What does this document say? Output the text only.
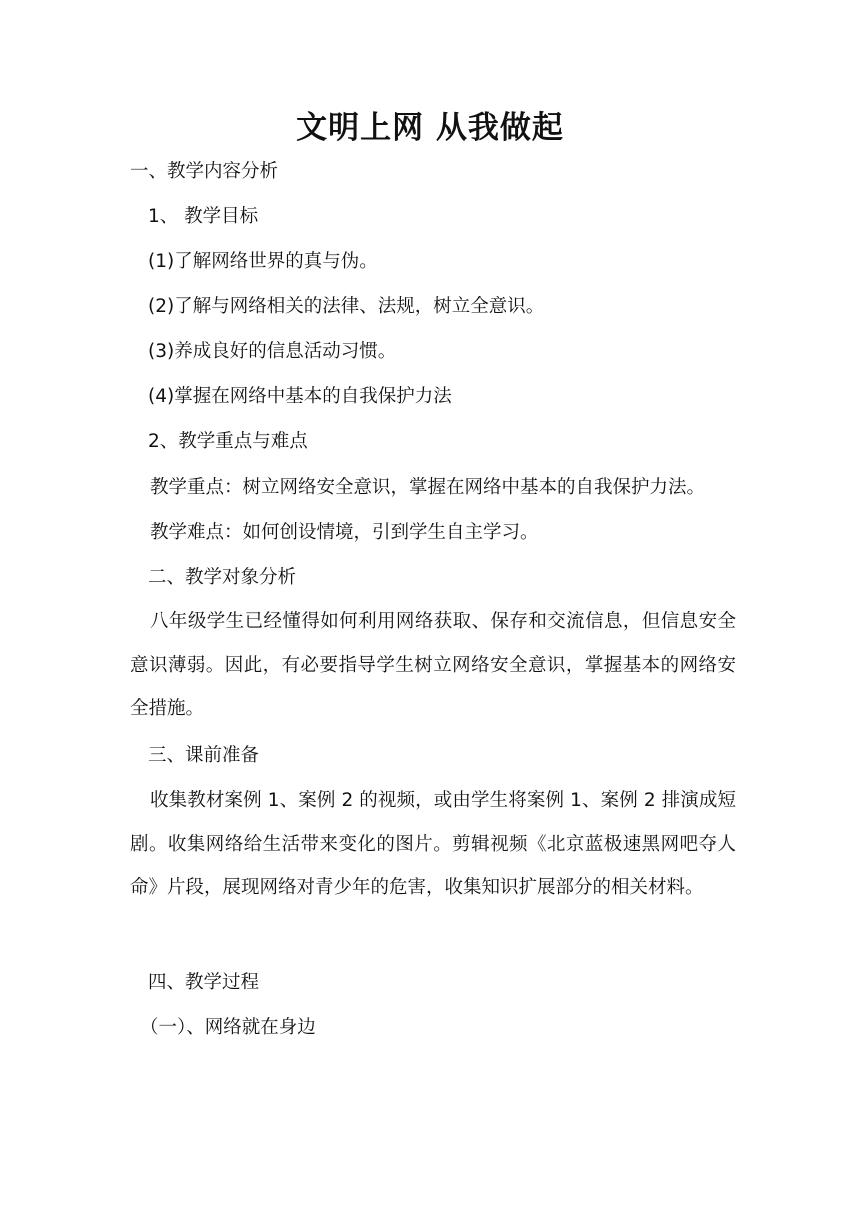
文明上网 从我做起
一、教学内容分析
1、 教学目标
(1)了解网络世界的真与伪。
(2)了解与网络相关的法律、法规，树立全意识。
(3)养成良好的信息活动习惯。
(4)掌握在网络中基本的自我保护力法
2、教学重点与难点
教学重点：树立网络安全意识，掌握在网络中基本的自我保护力法。
教学难点：如何创设情境，引到学生自主学习。
二、教学对象分析
八年级学生已经懂得如何利用网络获取、保存和交流信息，但信息安全意识薄弱。因此，有必要指导学生树立网络安全意识，掌握基本的网络安全措施。
三、课前准备
收集教材案例 1、案例 2 的视频，或由学生将案例 1、案例 2 排演成短剧。收集网络给生活带来变化的图片。剪辑视频《北京蓝极速黑网吧夺人命》片段，展现网络对青少年的危害，收集知识扩展部分的相关材料。
四、教学过程
（一）、网络就在身边
